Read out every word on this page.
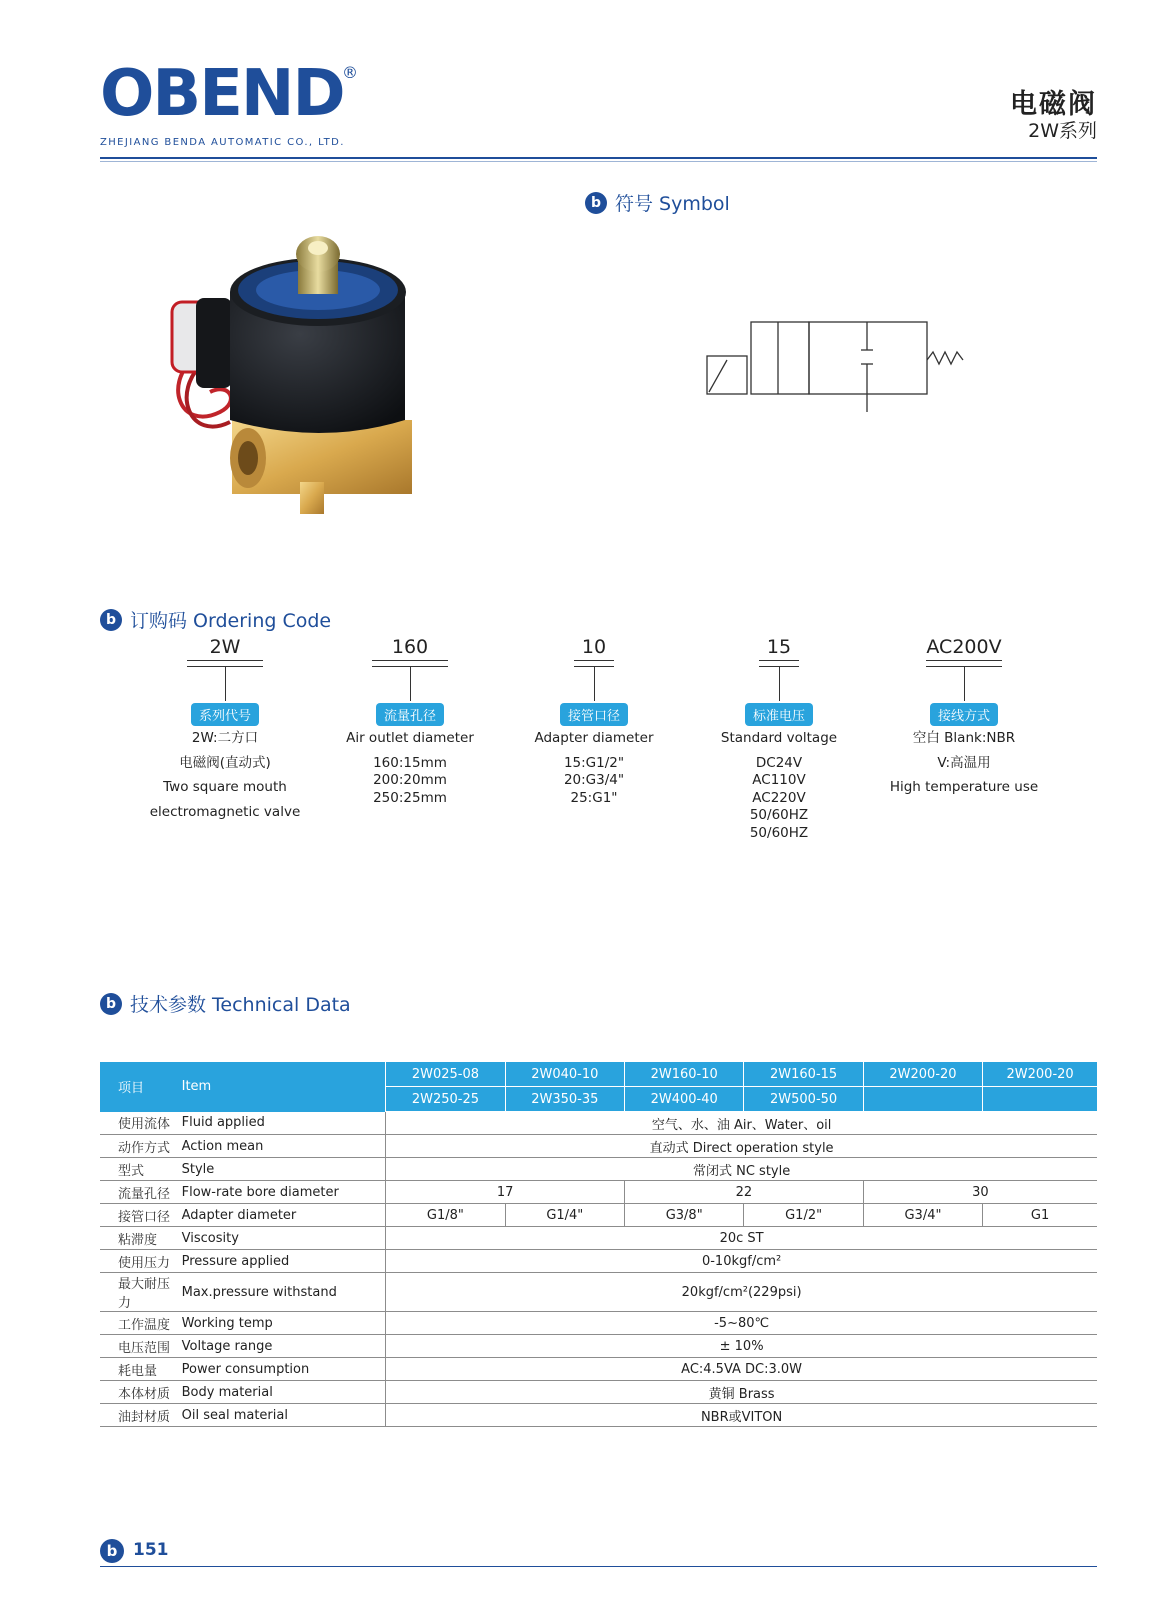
OBEND
®
ZHEJIANG BENDA AUTOMATIC CO., LTD.
电磁阀
2W系列
b 符号 Symbol
b 订购码 Ordering Code
2W
系列代号
2W:二方口
电磁阀(直动式)
Two square mouth
electromagnetic valve
160
流量孔径
Air outlet diameter
160:15mm
200:20mm
250:25mm
10
接管口径
Adapter diameter
15:G1/2"
20:G3/4"
25:G1"
15
标准电压
Standard voltage
DC24V
AC110V
AC220V
50/60HZ
50/60HZ
AC200V
接线方式
空白 Blank:NBR
V:高温用
High temperature use
b 技术参数 Technical Data
项目	Item	2W025-08	2W040-10	2W160-10	2W160-15	2W200-20	2W200-20
		2W250-25	2W350-35	2W400-40	2W500-50		
使用流体	Fluid applied	空气、水、油 Air、Water、oil					
动作方式	Action mean	直动式 Direct operation style					
型式	Style	常闭式 NC style					
流量孔径	Flow-rate bore diameter	17		22		30	
接管口径	Adapter diameter	G1/8"	G1/4"	G3/8"	G1/2"	G3/4"	G1
粘滞度	Viscosity	20c ST					
使用压力	Pressure applied	0-10kgf/cm²					
最大耐压力	Max.pressure withstand	20kgf/cm²(229psi)					
工作温度	Working temp	-5~80℃					
电压范围	Voltage range	± 10%					
耗电量	Power consumption	AC:4.5VA DC:3.0W					
本体材质	Body material	黄铜 Brass					
油封材质	Oil seal material	NBR或VITON					
b 151
